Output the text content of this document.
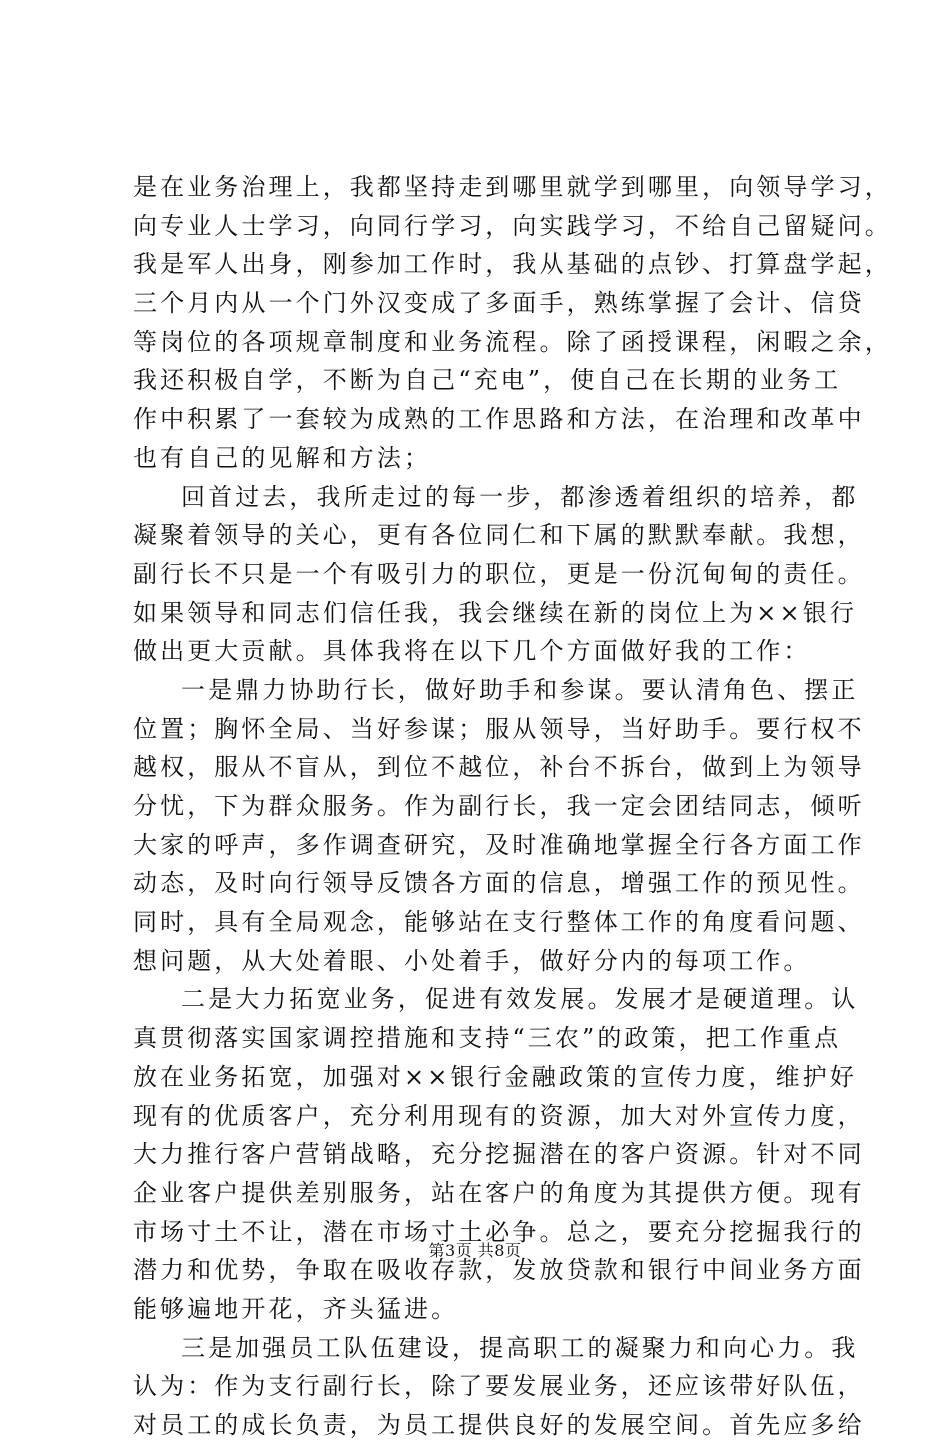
是在业务治理上，我都坚持走到哪里就学到哪里，向领导学习，
向专业人士学习，向同行学习，向实践学习，不给自己留疑问。
我是军人出身，刚参加工作时，我从基础的点钞、打算盘学起，
三个月内从一个门外汉变成了多面手，熟练掌握了会计、信贷
等岗位的各项规章制度和业务流程。除了函授课程，闲暇之余，
我还积极自学，不断为自己“充电”，使自己在长期的业务工
作中积累了一套较为成熟的工作思路和方法，在治理和改革中
也有自己的见解和方法；
回首过去，我所走过的每一步，都渗透着组织的培养，都
凝聚着领导的关心，更有各位同仁和下属的默默奉献。我想，
副行长不只是一个有吸引力的职位，更是一份沉甸甸的责任。
如果领导和同志们信任我，我会继续在新的岗位上为××银行
做出更大贡献。具体我将在以下几个方面做好我的工作：
一是鼎力协助行长，做好助手和参谋。要认清角色、摆正
位置；胸怀全局、当好参谋；服从领导，当好助手。要行权不
越权，服从不盲从，到位不越位，补台不拆台，做到上为领导
分忧，下为群众服务。作为副行长，我一定会团结同志，倾听
大家的呼声，多作调查研究，及时准确地掌握全行各方面工作
动态，及时向行领导反馈各方面的信息，增强工作的预见性。
同时，具有全局观念，能够站在支行整体工作的角度看问题、
想问题，从大处着眼、小处着手，做好分内的每项工作。
二是大力拓宽业务，促进有效发展。发展才是硬道理。认
真贯彻落实国家调控措施和支持“三农”的政策，把工作重点
放在业务拓宽，加强对××银行金融政策的宣传力度，维护好
现有的优质客户，充分利用现有的资源，加大对外宣传力度，
大力推行客户营销战略，充分挖掘潜在的客户资源。针对不同
企业客户提供差别服务，站在客户的角度为其提供方便。现有
市场寸土不让，潜在市场寸土必争。总之，要充分挖掘我行的
潜力和优势，争取在吸收存款，发放贷款和银行中间业务方面
能够遍地开花，齐头猛进。
三是加强员工队伍建设，提高职工的凝聚力和向心力。我
认为：作为支行副行长，除了要发展业务，还应该带好队伍，
对员工的成长负责，为员工提供良好的发展空间。首先应多给
第3页 共8页
